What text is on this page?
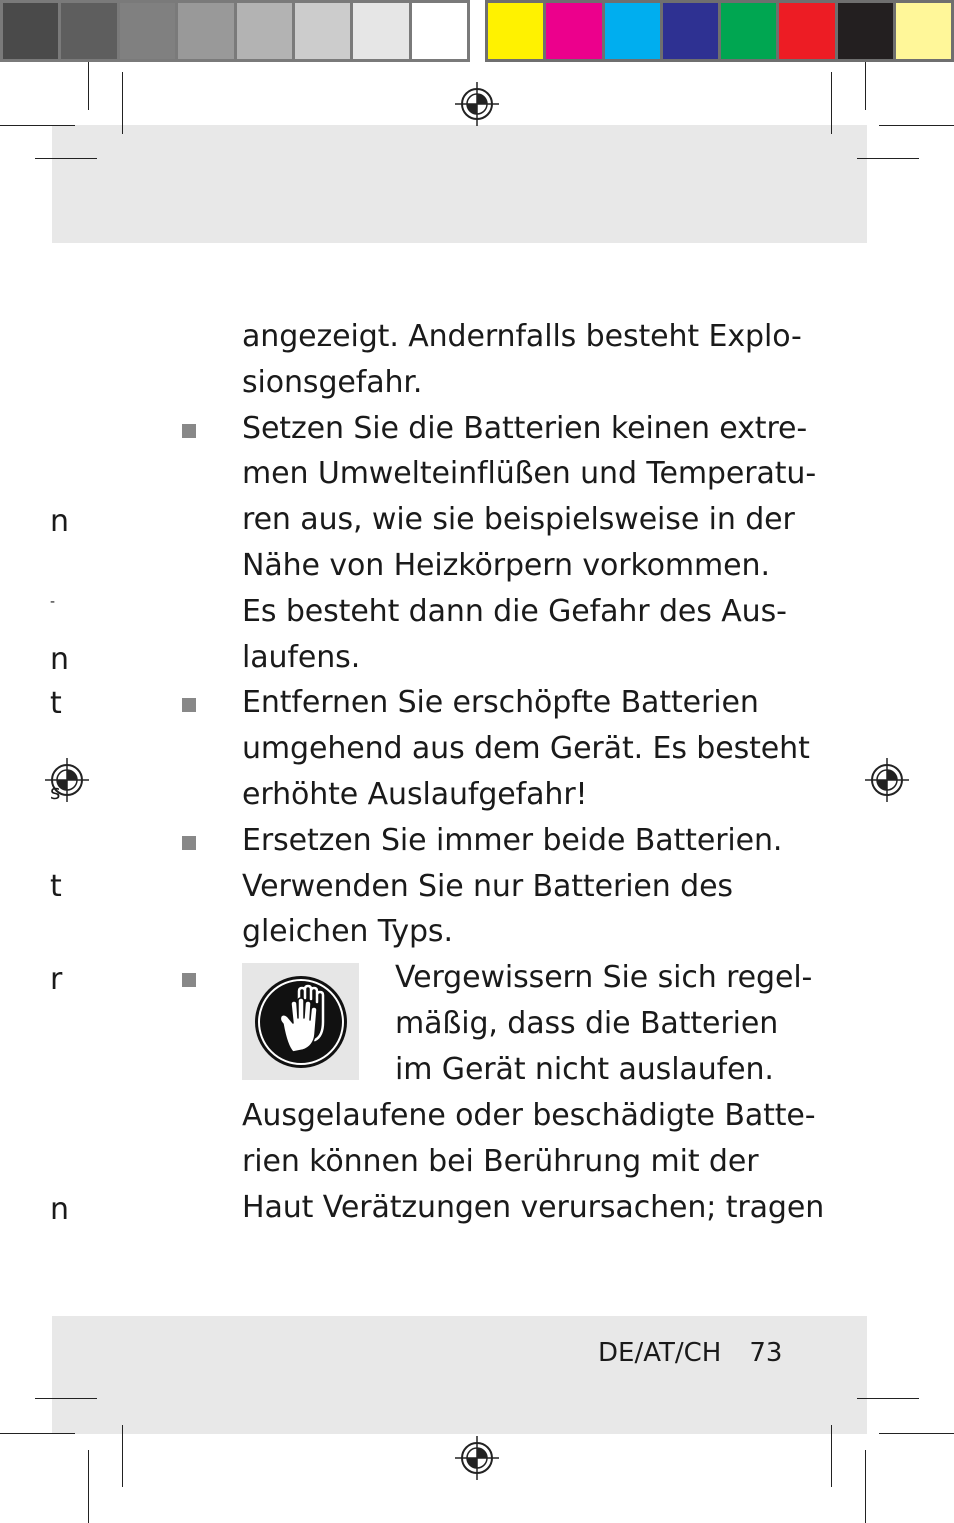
n
-
n
t
s
t
r
n
angezeigt. Andernfalls besteht Explo-
sionsgefahr.
Setzen Sie die Batterien keinen extre-
men Umwelteinflüßen und Temperatu-
ren aus, wie sie beispielsweise in der
Nähe von Heizkörpern vorkommen.
Es besteht dann die Gefahr des Aus-
laufens.
Entfernen Sie erschöpfte Batterien
umgehend aus dem Gerät. Es besteht
erhöhte Auslaufgefahr!
Ersetzen Sie immer beide Batterien.
Verwenden Sie nur Batterien des
gleichen Typs.
Vergewissern Sie sich regel-
mäßig, dass die Batterien
im Gerät nicht auslaufen.
Ausgelaufene oder beschädigte Batte-
rien können bei Berührung mit der
Haut Verätzungen verursachen; tragen
DE/AT/CH 73
